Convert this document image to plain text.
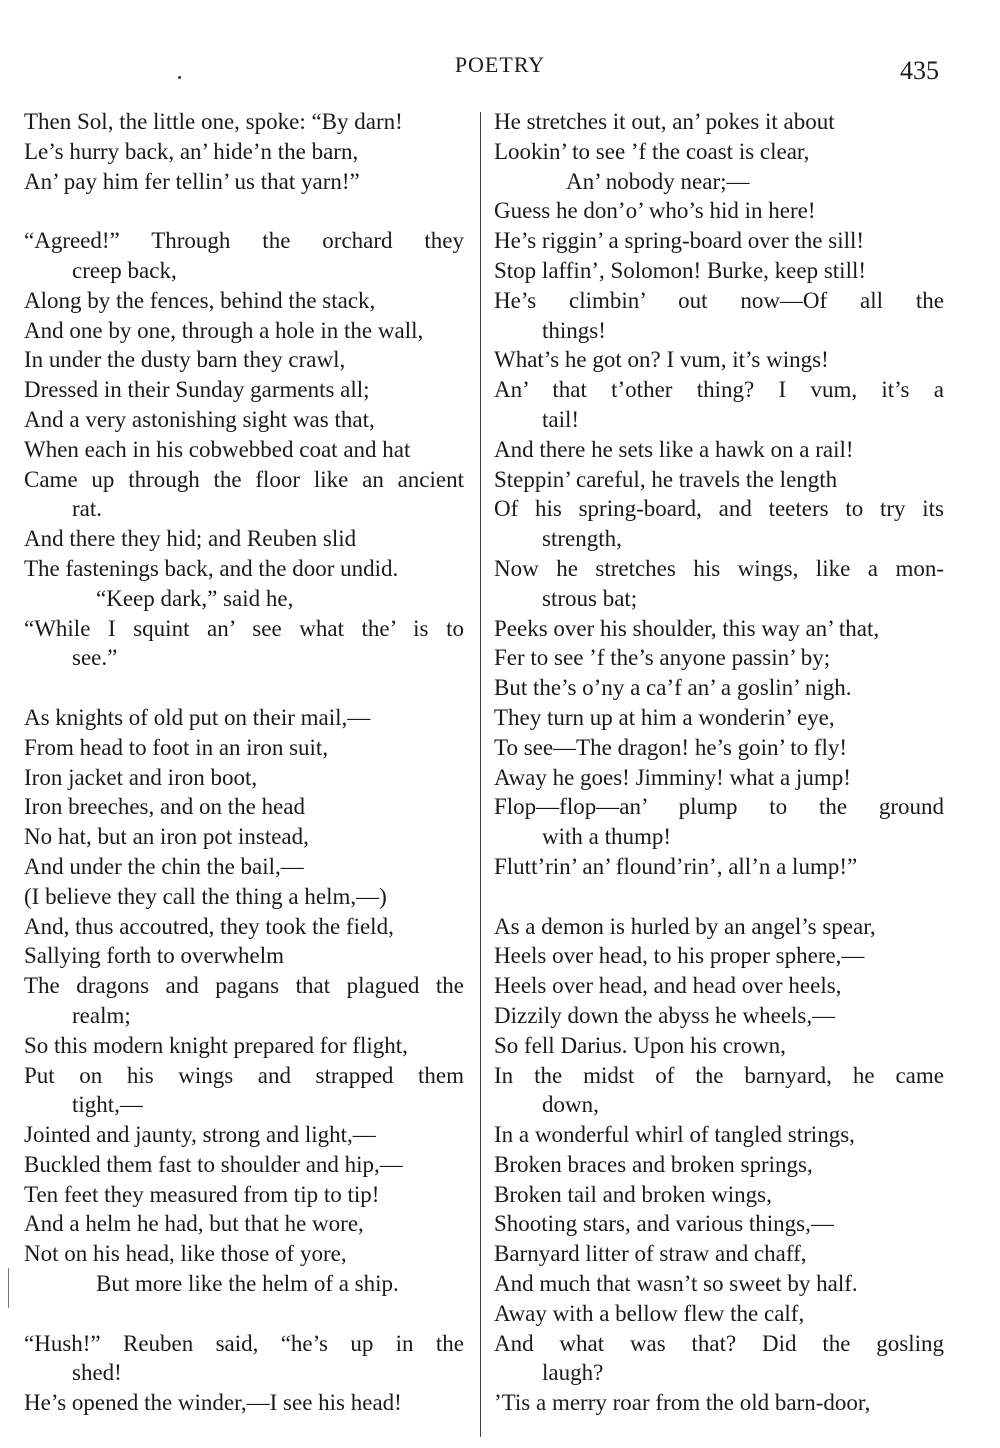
POETRY	435
Then Sol, the little one, spoke: “By darn!
Le’s hurry back, an’ hide’n the barn,
An’ pay him fer tellin’ us that yarn!”
“Agreed!” Through the orchard they
creep back,
Along by the fences, behind the stack,
And one by one, through a hole in the wall,
In under the dusty barn they crawl,
Dressed in their Sunday garments all;
And a very astonishing sight was that,
When each in his cobwebbed coat and hat
Came up through the floor like an ancient
rat.
And there they hid; and Reuben slid
The fastenings back, and the door undid.
“Keep dark,” said he,
“While I squint an’ see what the’ is to
see.”
As knights of old put on their mail,—
From head to foot in an iron suit,
Iron jacket and iron boot,
Iron breeches, and on the head
No hat, but an iron pot instead,
And under the chin the bail,—
(I believe they call the thing a helm,—)
And, thus accoutred, they took the field,
Sallying forth to overwhelm
The dragons and pagans that plagued the
realm;
So this modern knight prepared for flight,
Put on his wings and strapped them
tight,—
Jointed and jaunty, strong and light,—
Buckled them fast to shoulder and hip,—
Ten feet they measured from tip to tip!
And a helm he had, but that he wore,
Not on his head, like those of yore,
But more like the helm of a ship.
“Hush!” Reuben said, “he’s up in the
shed!
He’s opened the winder,—I see his head!
He stretches it out, an’ pokes it about
Lookin’ to see ’f the coast is clear,
An’ nobody near;—
Guess he don’o’ who’s hid in here!
He’s riggin’ a spring-board over the sill!
Stop laffin’, Solomon! Burke, keep still!
He’s climbin’ out now—Of all the
things!
What’s he got on? I vum, it’s wings!
An’ that t’other thing? I vum, it’s a
tail!
And there he sets like a hawk on a rail!
Steppin’ careful, he travels the length
Of his spring-board, and teeters to try its
strength,
Now he stretches his wings, like a mon-
strous bat;
Peeks over his shoulder, this way an’ that,
Fer to see ’f the’s anyone passin’ by;
But the’s o’ny a ca’f an’ a goslin’ nigh.
They turn up at him a wonderin’ eye,
To see—The dragon! he’s goin’ to fly!
Away he goes! Jimminy! what a jump!
Flop—flop—an’ plump to the ground
with a thump!
Flutt’rin’ an’ flound’rin’, all’n a lump!”
As a demon is hurled by an angel’s spear,
Heels over head, to his proper sphere,—
Heels over head, and head over heels,
Dizzily down the abyss he wheels,—
So fell Darius. Upon his crown,
In the midst of the barnyard, he came
down,
In a wonderful whirl of tangled strings,
Broken braces and broken springs,
Broken tail and broken wings,
Shooting stars, and various things,—
Barnyard litter of straw and chaff,
And much that wasn’t so sweet by half.
Away with a bellow flew the calf,
And what was that? Did the gosling
laugh?
’Tis a merry roar from the old barn-door,
